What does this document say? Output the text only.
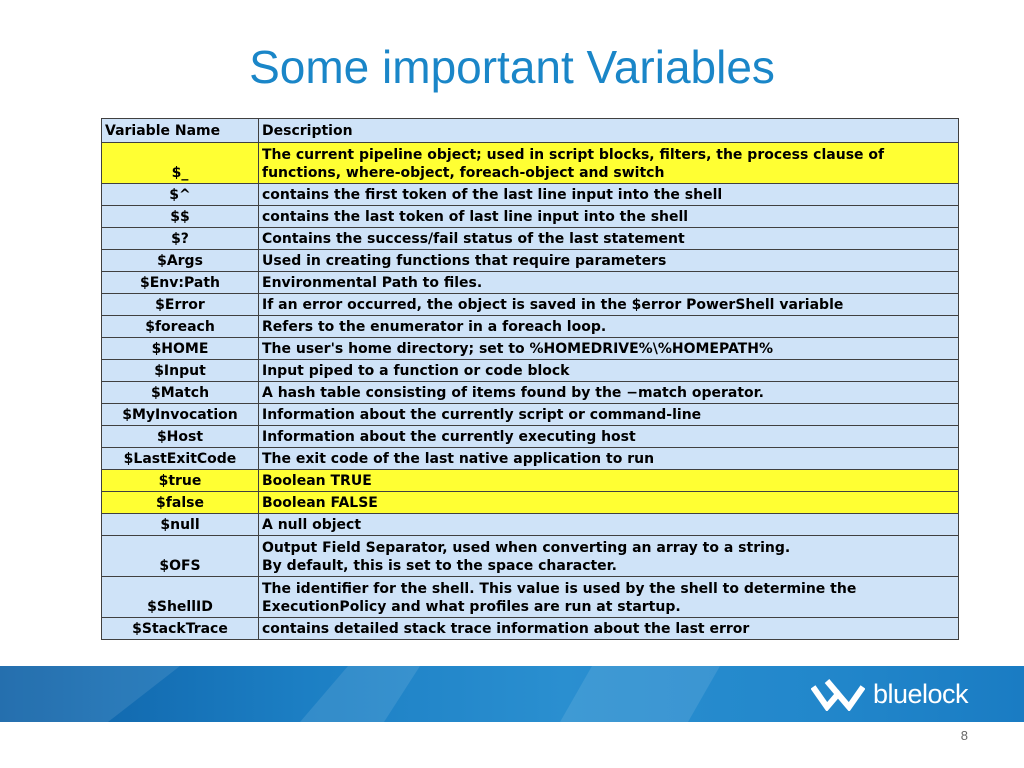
Some important Variables
Variable Name	Description
$_	The current pipeline object; used in script blocks, filters, the process clause of functions, where-object, foreach-object and switch
$^	contains the first token of the last line input into the shell
$$	contains the last token of last line input into the shell
$?	Contains the success/fail status of the last statement
$Args	Used in creating functions that require parameters
$Env:Path	Environmental Path to files.
$Error	If an error occurred, the object is saved in the $error PowerShell variable
$foreach	Refers to the enumerator in a foreach loop.
$HOME	The user's home directory; set to %HOMEDRIVE%\%HOMEPATH%
$Input	Input piped to a function or code block
$Match	A hash table consisting of items found by the −match operator.
$MyInvocation	Information about the currently script or command-line
$Host	Information about the currently executing host
$LastExitCode	The exit code of the last native application to run
$true	Boolean TRUE
$false	Boolean FALSE
$null	A null object
$OFS	Output Field Separator, used when converting an array to a string.
By default, this is set to the space character.
$ShellID	The identifier for the shell. This value is used by the shell to determine the ExecutionPolicy and what profiles are run at startup.
$StackTrace	contains detailed stack trace information about the last error
bluelock
8
